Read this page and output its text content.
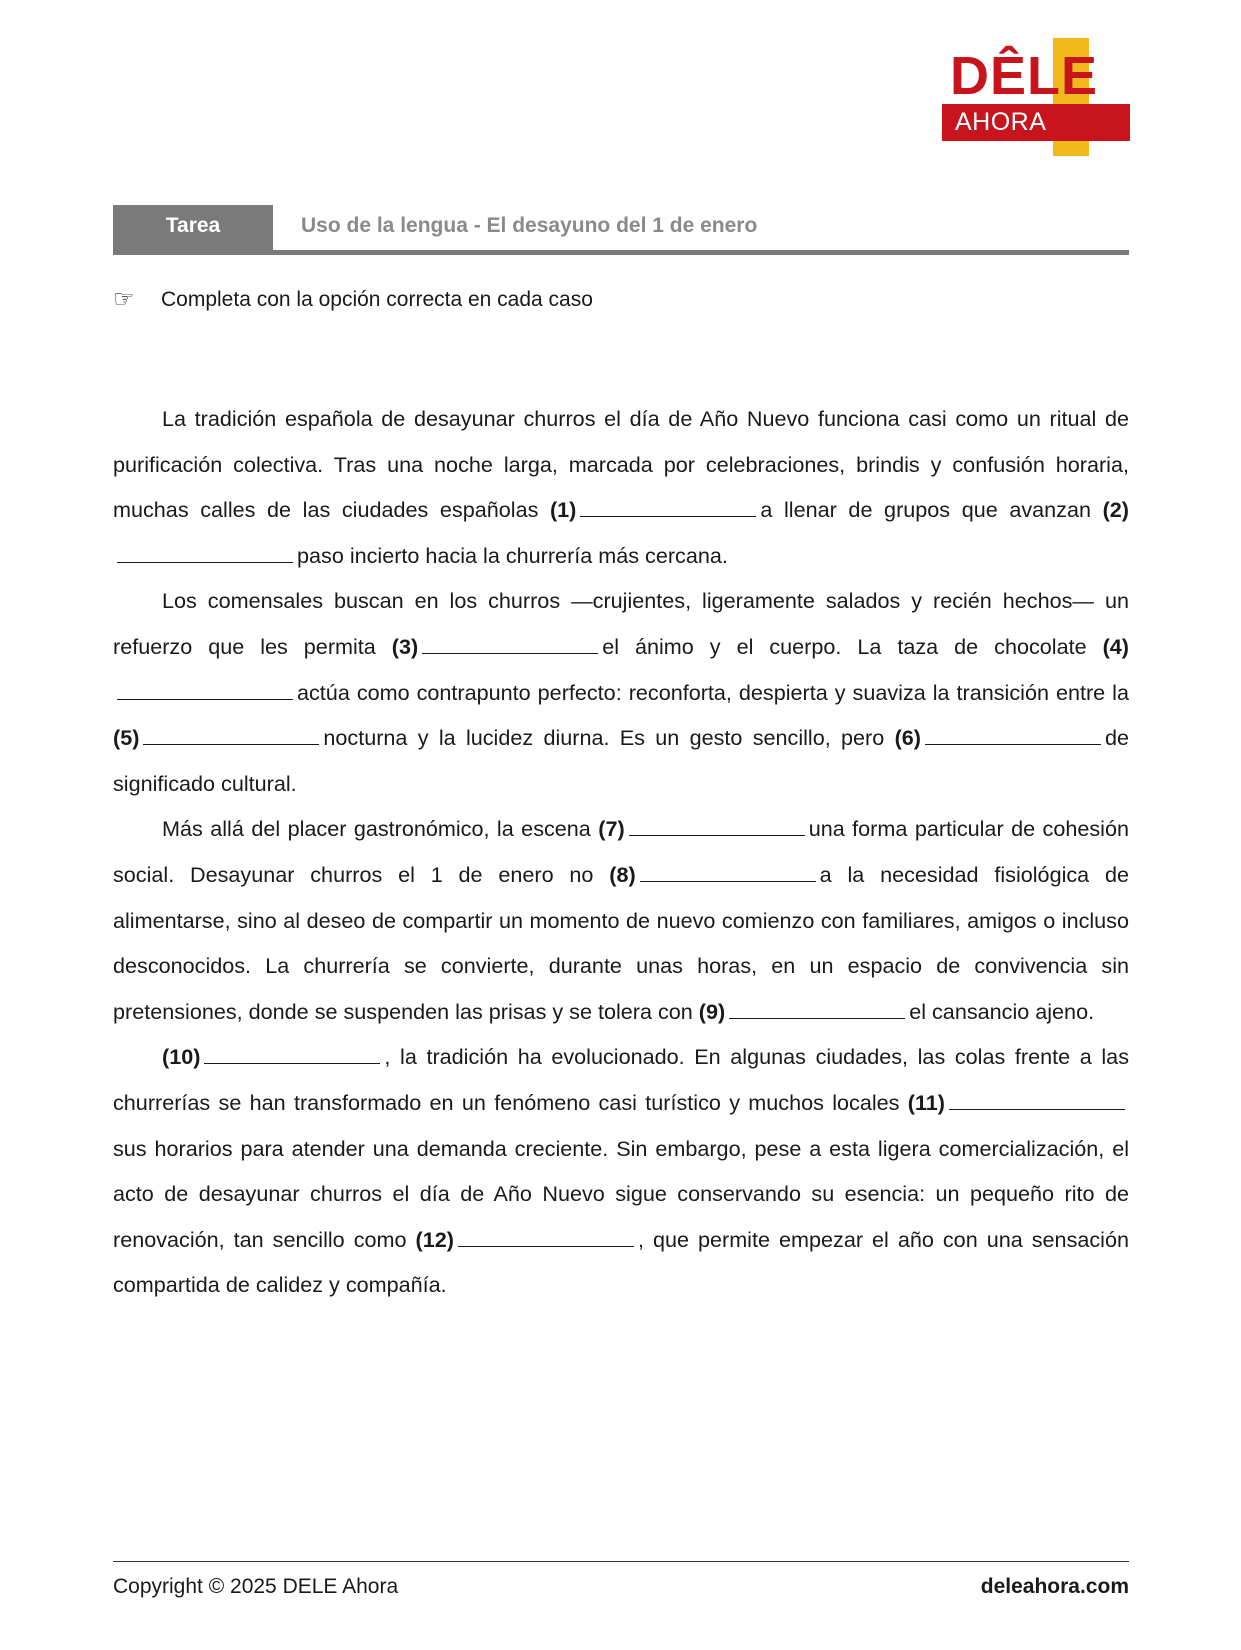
DÊLE
AHORA
Tarea	Uso de la lengua - El desayuno del 1 de enero
☞	Completa con la opción correcta en cada caso

La tradición española de desayunar churros el día de Año Nuevo funciona casi como un ritual de purificación colectiva. Tras una noche larga, marcada por celebraciones, brindis y confusión horaria, muchas calles de las ciudades españolas (1)	a llenar de grupos que avanzan (2)paso incierto hacia la churrería más cercana.

Los comensales buscan en los churros —crujientes, ligeramente salados y recién hechos— un refuerzo que les permita (3)	el ánimo y el cuerpo. La taza de chocolate (4)actúa como contrapunto perfecto: reconforta, despierta y suaviza la transición entre la (5)	nocturna y la lucidez diurna. Es un gesto sencillo, pero (6)	de significado cultural.

Más allá del placer gastronómico, la escena (7)	una forma particular de cohesión social. Desayunar churros el 1 de enero no (8)	a la necesidad fisiológica de alimentarse, sino al deseo de compartir un momento de nuevo comienzo con familiares, amigos o incluso desconocidos. La churrería se convierte, durante unas horas, en un espacio de convivencia sin pretensiones, donde se suspenden las prisas y se tolera con (9)	el cansancio ajeno.

(10)	, la tradición ha evolucionado. En algunas ciudades, las colas frente a las churrerías se han transformado en un fenómeno casi turístico y muchos locales (11)sus horarios para atender una demanda creciente. Sin embargo, pese a esta ligera comercialización, el acto de desayunar churros el día de Año Nuevo sigue conservando su esencia: un pequeño rito de renovación, tan sencillo como (12)	, que permite empezar el año con una sensación compartida de calidez y compañía.

Copyright © 2025 DELE Ahora	deleahora.com
